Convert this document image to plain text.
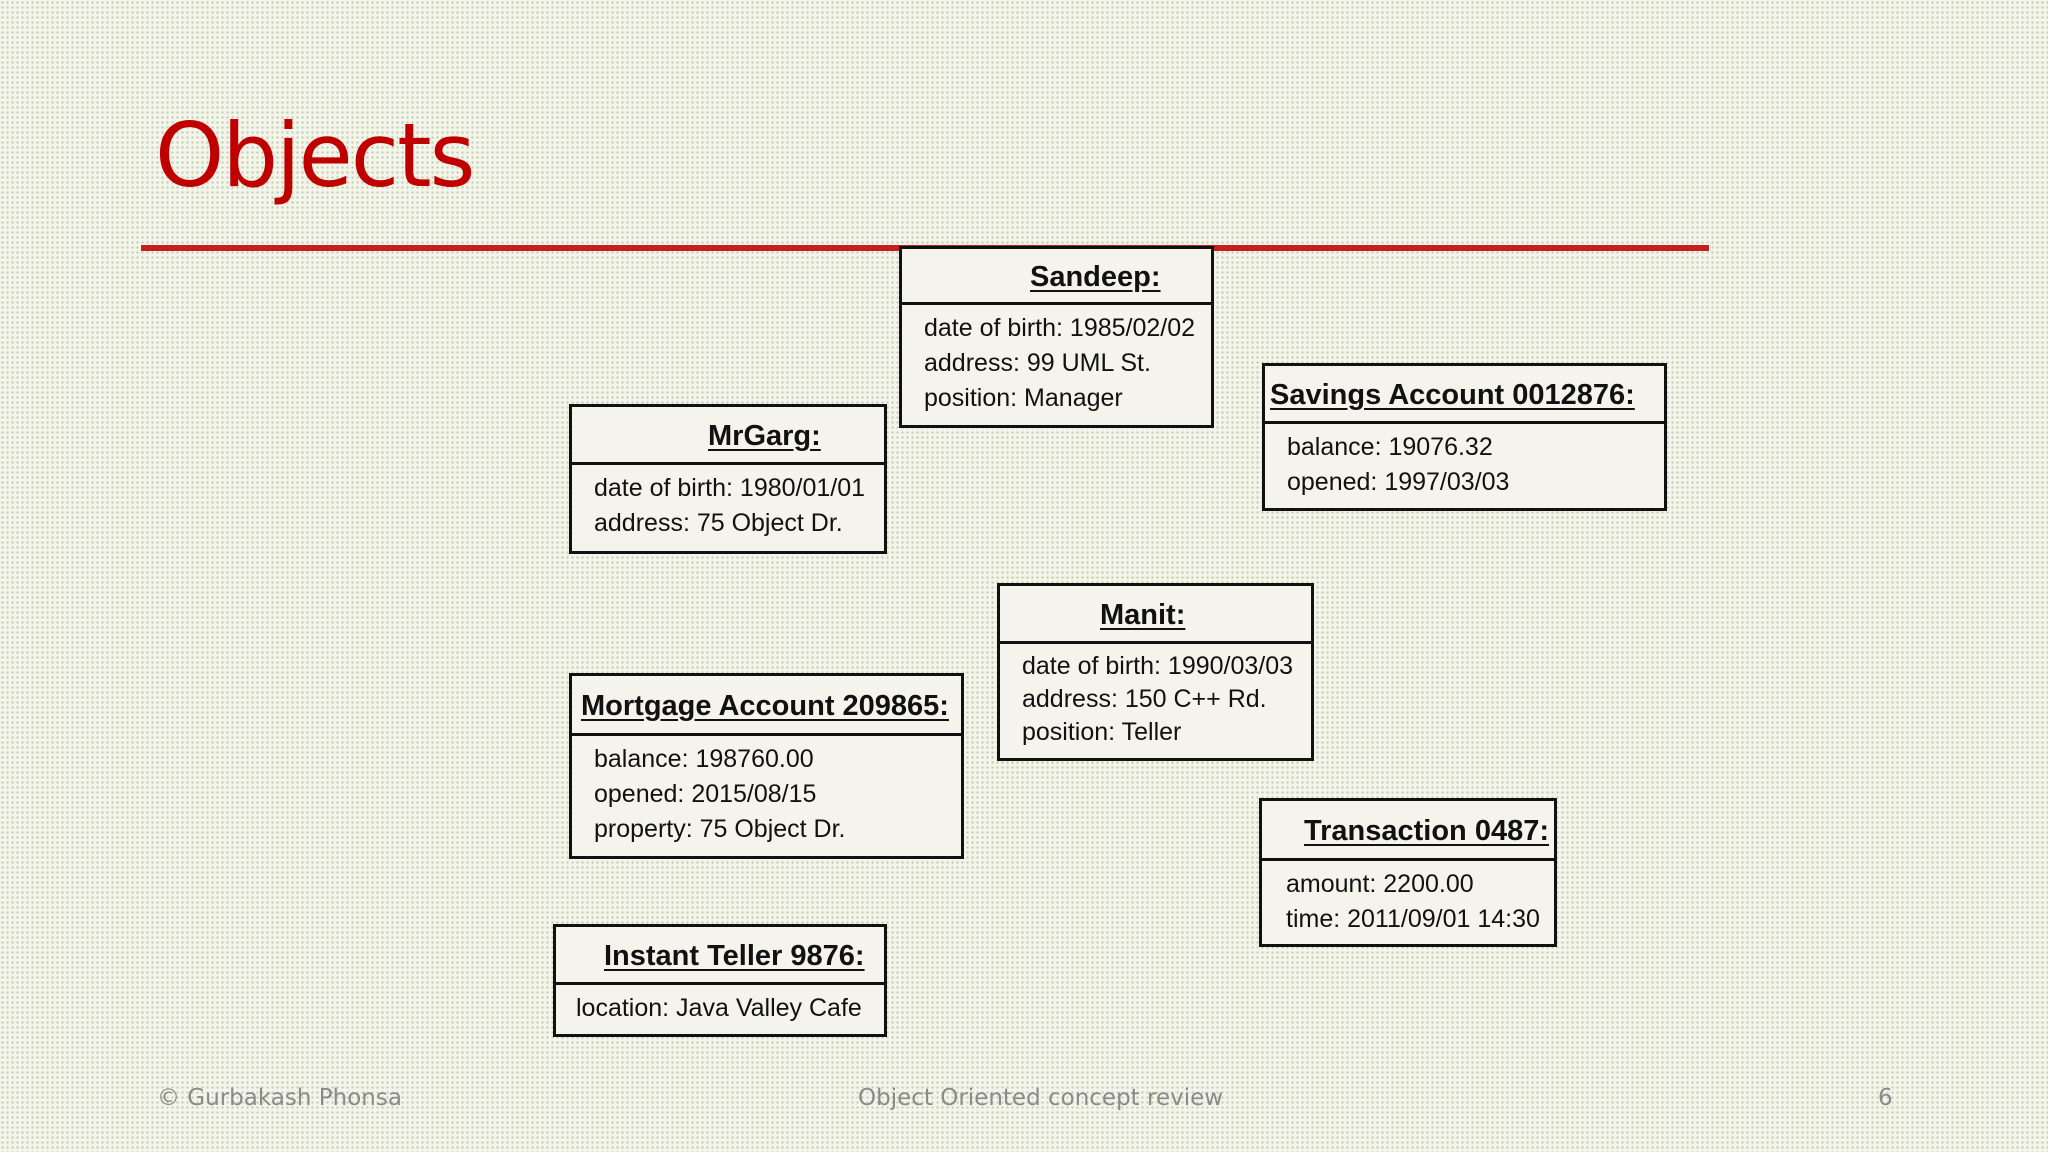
Objects
Sandeep:
date of birth: 1985/02/02
address: 99 UML St.
position: Manager	Savings Account 0012876:
balance: 19076.32
opened: 1997/03/03
MrGarg:
date of birth: 1980/01/01
address: 75 Object Dr.
Manit:
date of birth: 1990/03/03
address: 150 C++ Rd.
position: Teller
Mortgage Account 209865:
balance: 198760.00
opened: 2015/08/15
property: 75 Object Dr.	Transaction 0487:
amount: 2200.00
time: 2011/09/01 14:30
Instant Teller 9876:
location: Java Valley Cafe
© Gurbakash Phonsa	Object Oriented concept review	6
